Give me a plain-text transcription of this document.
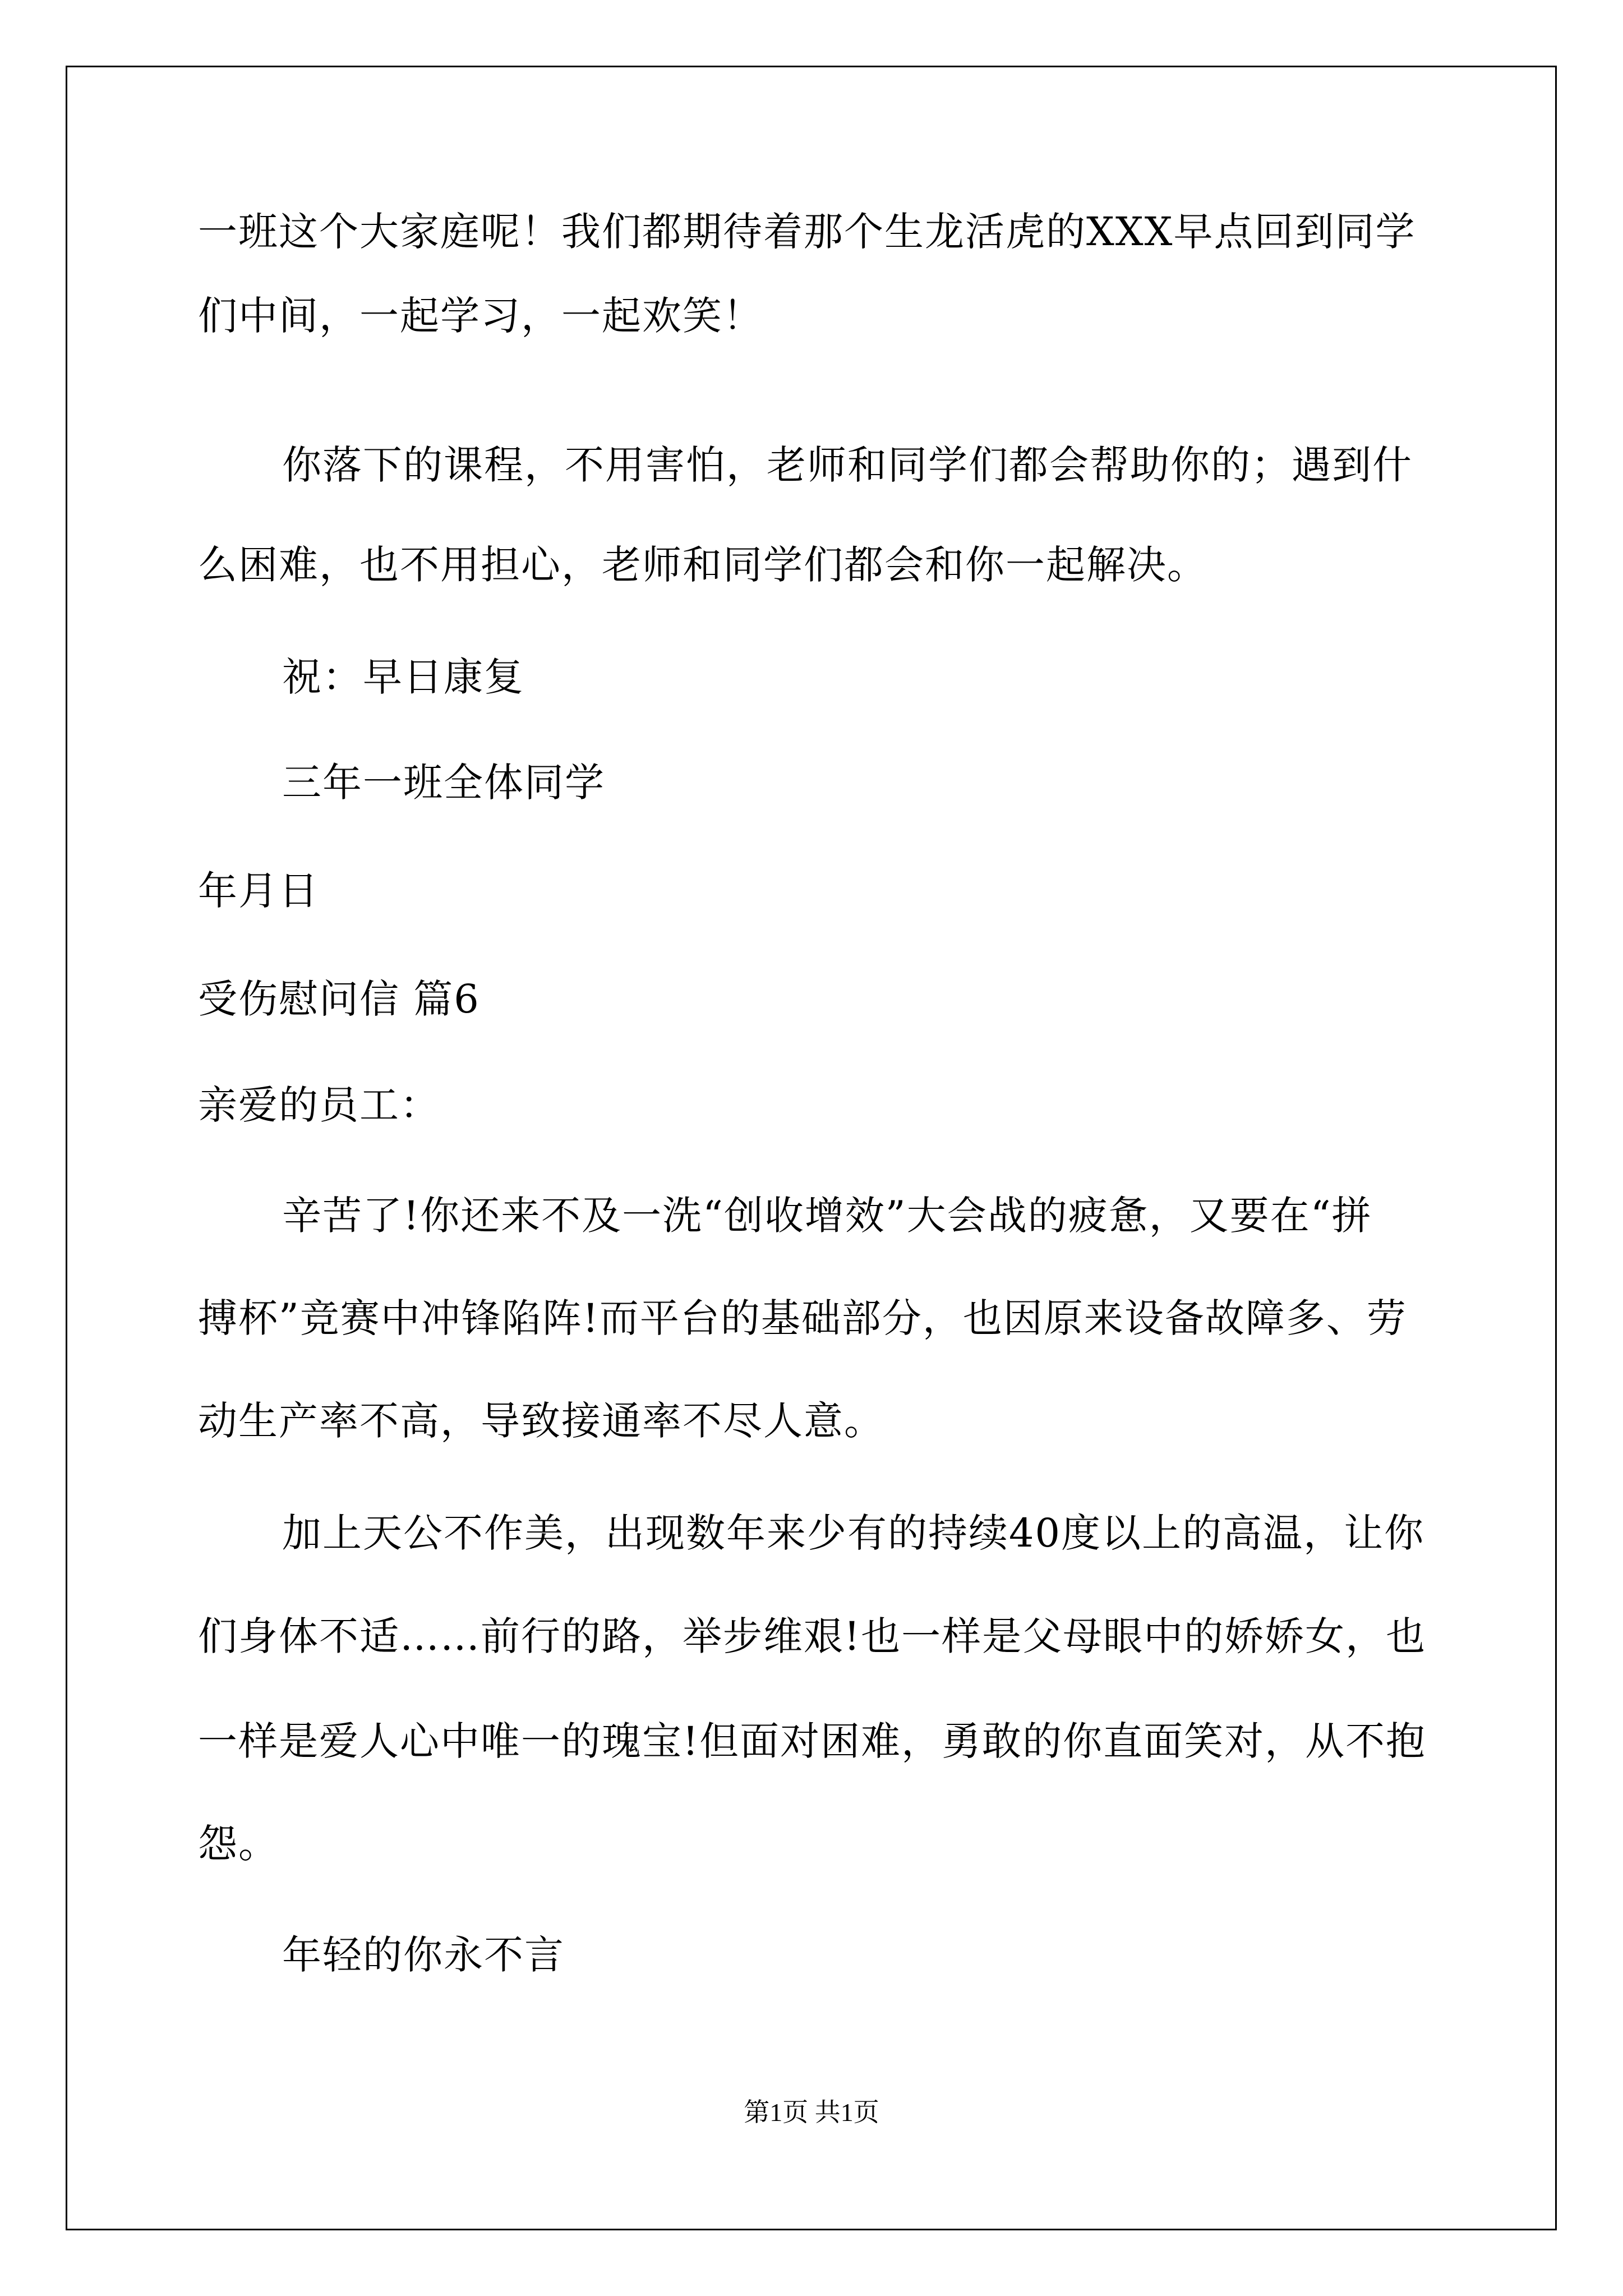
一班这个大家庭呢！我们都期待着那个生龙活虎的XXX早点回到同学
们中间，一起学习，一起欢笑！
你落下的课程，不用害怕，老师和同学们都会帮助你的；遇到什
么困难，也不用担心，老师和同学们都会和你一起解决。
祝：早日康复
三年一班全体同学
年月日
受伤慰问信 篇6
亲爱的员工：
辛苦了!你还来不及一洗“创收增效”大会战的疲惫，又要在“拼
搏杯”竞赛中冲锋陷阵!而平台的基础部分，也因原来设备故障多、劳
动生产率不高，导致接通率不尽人意。
加上天公不作美，出现数年来少有的持续40度以上的高温，让你
们身体不适……前行的路，举步维艰!也一样是父母眼中的娇娇女，也
一样是爱人心中唯一的瑰宝!但面对困难，勇敢的你直面笑对，从不抱
怨。
年轻的你永不言
第1页 共1页
